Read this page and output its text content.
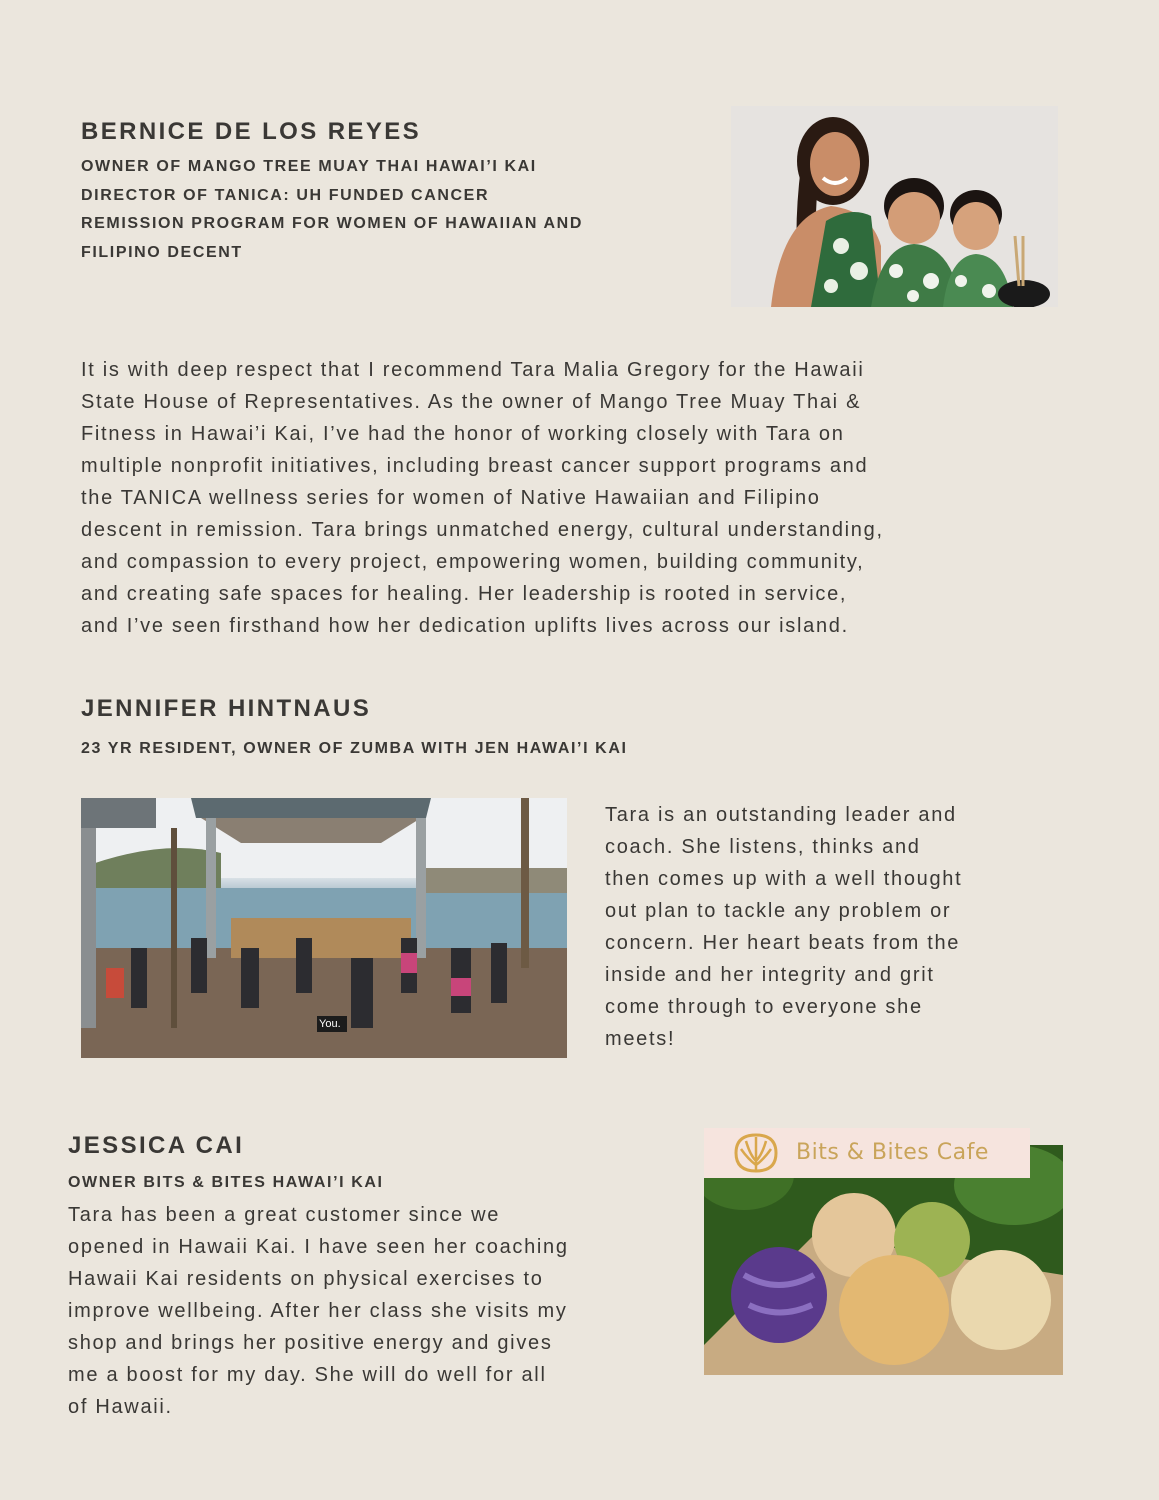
BERNICE DE LOS REYES
OWNER OF MANGO TREE MUAY THAI HAWAI’I KAI
DIRECTOR OF TANICA: UH FUNDED CANCER
REMISSION PROGRAM FOR WOMEN OF HAWAIIAN AND
FILIPINO DECENT
It is with deep respect that I recommend Tara Malia Gregory for the Hawaii
State House of Representatives. As the owner of Mango Tree Muay Thai &
Fitness in Hawai’i Kai, I’ve had the honor of working closely with Tara on
multiple nonprofit initiatives, including breast cancer support programs and
the TANICA wellness series for women of Native Hawaiian and Filipino
descent in remission. Tara brings unmatched energy, cultural understanding,
and compassion to every project, empowering women, building community,
and creating safe spaces for healing. Her leadership is rooted in service,
and I’ve seen firsthand how her dedication uplifts lives across our island.
JENNIFER HINTNAUS
23 YR RESIDENT, OWNER OF ZUMBA WITH JEN HAWAI’I KAI
You.
Tara is an outstanding leader and
coach. She listens, thinks and
then comes up with a well thought
out plan to tackle any problem or
concern. Her heart beats from the
inside and her integrity and grit
come through to everyone she
meets!
JESSICA CAI
OWNER BITS & BITES HAWAI’I KAI
Tara has been a great customer since we
opened in Hawaii Kai. I have seen her coaching
Hawaii Kai residents on physical exercises to
improve wellbeing. After her class she visits my
shop and brings her positive energy and gives
me a boost for my day. She will do well for all
of Hawaii.
Bits & Bites Cafe
